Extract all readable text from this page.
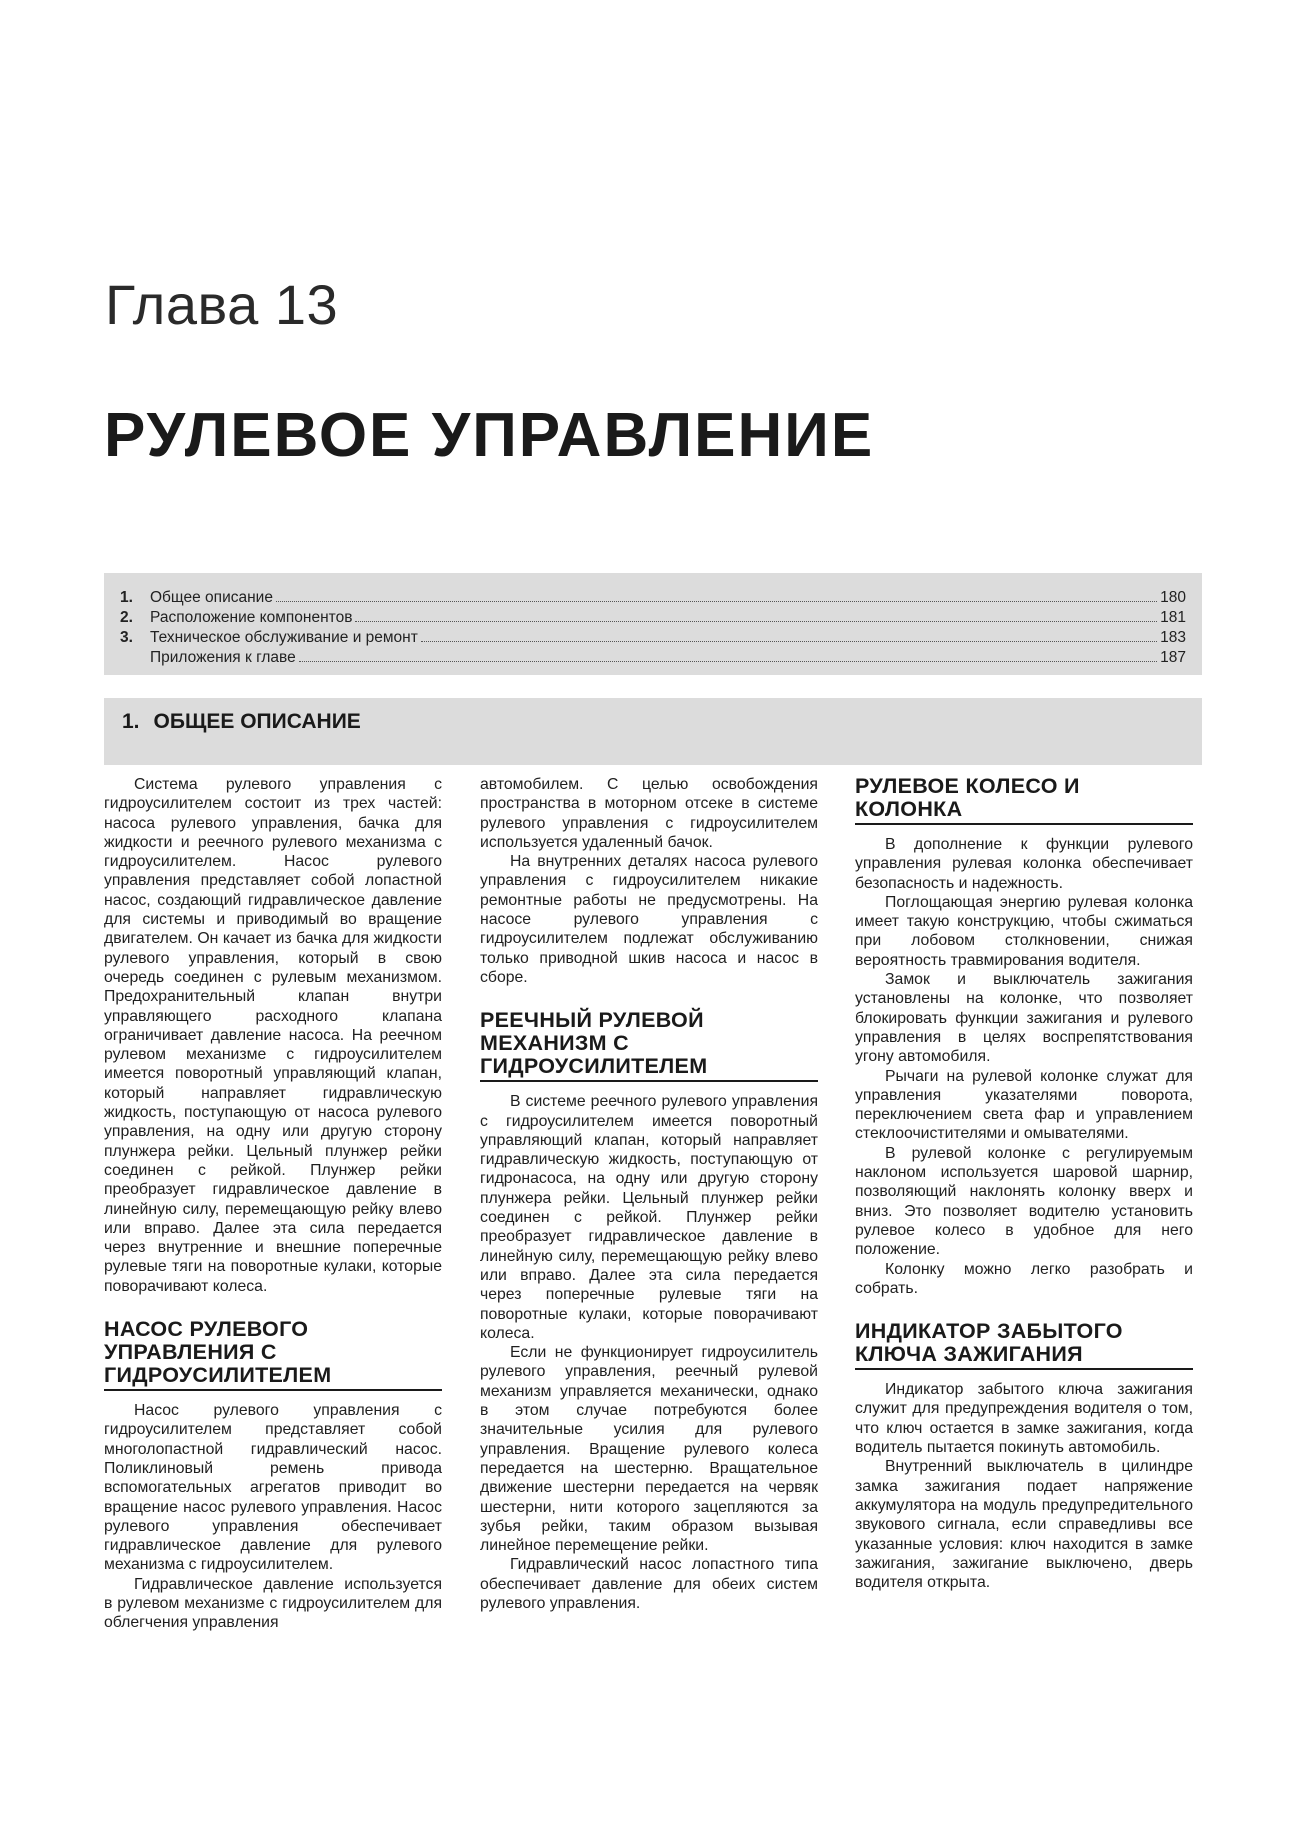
Глава 13
РУЛЕВОЕ УПРАВЛЕНИЕ
1.	Общее описание	180
2.	Расположение компонентов	181
3.	Техническое обслуживание и ремонт	183
Приложения к главе	187
1. ОБЩЕЕ ОПИСАНИЕ

Система рулевого управления с гидроусилителем состоит из трех частей: насоса рулевого управления, бачка для жидкости и реечного рулевого механизма с гидроусилителем. Насос рулевого управления представляет собой лопастной насос, создающий гидравлическое давление для системы и приводимый во вращение двигателем. Он качает из бачка для жидкости рулевого управления, который в свою очередь соединен с рулевым механизмом. Предохранительный клапан внутри управляющего расходного клапана ограничивает давление насоса. На реечном рулевом механизме с гидроусилителем имеется поворотный управляющий клапан, который направляет гидравлическую жидкость, поступающую от насоса рулевого управления, на одну или другую сторону плунжера рейки. Цельный плунжер рейки соединен с рейкой. Плунжер рейки преобразует гидравлическое давление в линейную силу, перемещающую рейку влево или вправо. Далее эта сила передается через внутренние и внешние поперечные рулевые тяги на поворотные кулаки, которые поворачивают колеса.

НАСОС РУЛЕВОГО УПРАВЛЕНИЯ С ГИДРОУСИЛИТЕЛЕМ

Насос рулевого управления с гидроусилителем представляет собой многолопастной гидравлический насос. Поликлиновый ремень привода вспомогательных агрегатов приводит во вращение насос рулевого управления. Насос рулевого управления обеспечивает гидравлическое давление для рулевого механизма с гидроусилителем.

Гидравлическое давление используется в рулевом механизме с гидроусилителем для облегчения управления

автомобилем. С целью освобождения пространства в моторном отсеке в системе рулевого управления с гидроусилителем используется удаленный бачок.

На внутренних деталях насоса рулевого управления с гидроусилителем никакие ремонтные работы не предусмотрены. На насосе рулевого управления с гидроусилителем подлежат обслуживанию только приводной шкив насоса и насос в сборе.

РЕЕЧНЫЙ РУЛЕВОЙ МЕХАНИЗМ С ГИДРОУСИЛИТЕЛЕМ

В системе реечного рулевого управления с гидроусилителем имеется поворотный управляющий клапан, который направляет гидравлическую жидкость, поступающую от гидронасоса, на одну или другую сторону плунжера рейки. Цельный плунжер рейки соединен с рейкой. Плунжер рейки преобразует гидравлическое давление в линейную силу, перемещающую рейку влево или вправо. Далее эта сила передается через поперечные рулевые тяги на поворотные кулаки, которые поворачивают колеса.

Если не функционирует гидроусилитель рулевого управления, реечный рулевой механизм управляется механически, однако в этом случае потребуются более значительные усилия для рулевого управления. Вращение рулевого колеса передается на шестерню. Вращательное движение шестерни передается на червяк шестерни, нити которого зацепляются за зубья рейки, таким образом вызывая линейное перемещение рейки.

Гидравлический насос лопастного типа обеспечивает давление для обеих систем рулевого управления.

РУЛЕВОЕ КОЛЕСО И КОЛОНКА

В дополнение к функции рулевого управления рулевая колонка обеспечивает безопасность и надежность.

Поглощающая энергию рулевая колонка имеет такую конструкцию, чтобы сжиматься при лобовом столкновении, снижая вероятность травмирования водителя.

Замок и выключатель зажигания установлены на колонке, что позволяет блокировать функции зажигания и рулевого управления в целях воспрепятствования угону автомобиля.

Рычаги на рулевой колонке служат для управления указателями поворота, переключением света фар и управлением стеклоочистителями и омывателями.

В рулевой колонке с регулируемым наклоном используется шаровой шарнир, позволяющий наклонять колонку вверх и вниз. Это позволяет водителю установить рулевое колесо в удобное для него положение.

Колонку можно легко разобрать и собрать.

ИНДИКАТОР ЗАБЫТОГО КЛЮЧА ЗАЖИГАНИЯ

Индикатор забытого ключа зажигания служит для предупреждения водителя о том, что ключ остается в замке зажигания, когда водитель пытается покинуть автомобиль.

Внутренний выключатель в цилиндре замка зажигания подает напряжение аккумулятора на модуль предупредительного звукового сигнала, если справедливы все указанные условия: ключ находится в замке зажигания, зажигание выключено, дверь водителя открыта.
